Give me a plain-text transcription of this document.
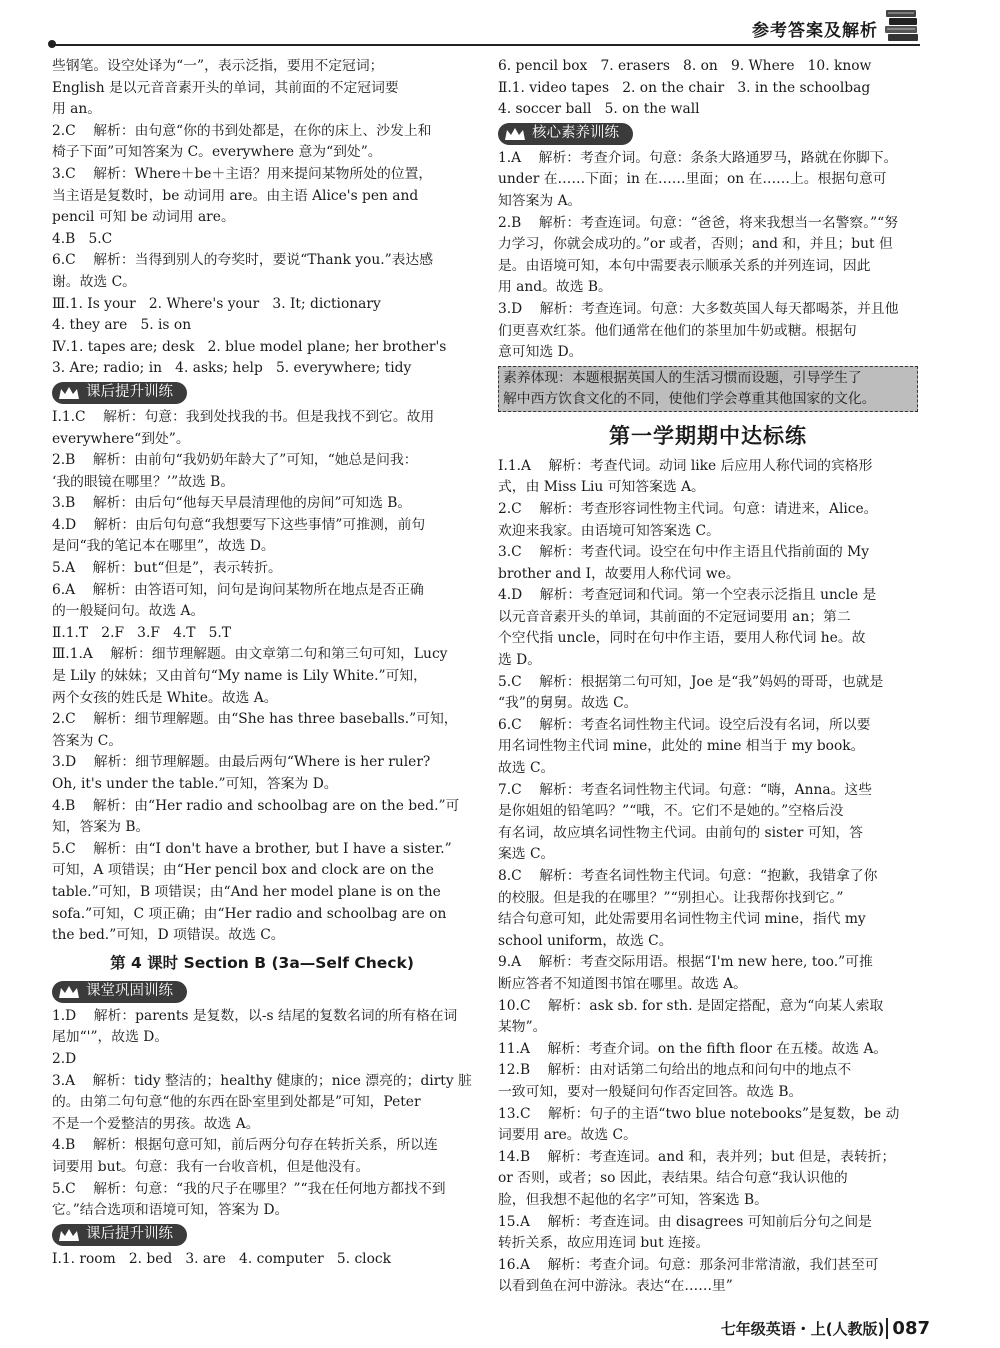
参考答案及解析
些钢笔。设空处译为“一”，表示泛指，要用不定冠词；
English 是以元音音素开头的单词，其前面的不定冠词要
用 an。
2.C    解析：由句意“你的书到处都是，在你的床上、沙发上和
椅子下面”可知答案为 C。everywhere 意为“到处”。
3.C    解析：Where＋be＋主语？用来提问某物所处的位置，
当主语是复数时，be 动词用 are。由主语 Alice's pen and
pencil 可知 be 动词用 are。
4.B   5.C
6.C    解析：当得到别人的夸奖时，要说“Thank you.”表达感
谢。故选 C。
Ⅲ.1. Is your   2. Where's your   3. It; dictionary
4. they are   5. is on
Ⅳ.1. tapes are; desk   2. blue model plane; her brother's
3. Are; radio; in   4. asks; help   5. everywhere; tidy
课后提升训练
Ⅰ.1.C    解析：句意：我到处找我的书。但是我找不到它。故用
everywhere“到处”。
2.B    解析：由前句“我奶奶年龄大了”可知，“她总是问我：
‘我的眼镜在哪里？’”故选 B。
3.B    解析：由后句“他每天早晨清理他的房间”可知选 B。
4.D    解析：由后句句意“我想要写下这些事情”可推测，前句
是问“我的笔记本在哪里”，故选 D。
5.A    解析：but“但是”，表示转折。
6.A    解析：由答语可知，问句是询问某物所在地点是否正确
的一般疑问句。故选 A。
Ⅱ.1.T   2.F   3.F   4.T   5.T
Ⅲ.1.A    解析：细节理解题。由文章第二句和第三句可知，Lucy
是 Lily 的妹妹；又由首句“My name is Lily White.”可知，
两个女孩的姓氏是 White。故选 A。
2.C    解析：细节理解题。由“She has three baseballs.”可知，
答案为 C。
3.D    解析：细节理解题。由最后两句“Where is her ruler?
Oh, it's under the table.”可知，答案为 D。
4.B    解析：由“Her radio and schoolbag are on the bed.”可
知，答案为 B。
5.C    解析：由“I don't have a brother, but I have a sister.”
可知，A 项错误；由“Her pencil box and clock are on the
table.”可知，B 项错误；由“And her model plane is on the
sofa.”可知，C 项正确；由“Her radio and schoolbag are on
the bed.”可知，D 项错误。故选 C。
第 4 课时 Section B (3a—Self Check)
课堂巩固训练
1.D    解析：parents 是复数，以-s 结尾的复数名词的所有格在词
尾加“'”，故选 D。
2.D
3.A    解析：tidy 整洁的；healthy 健康的；nice 漂亮的；dirty 脏
的。由第二句句意“他的东西在卧室里到处都是”可知，Peter
不是一个爱整洁的男孩。故选 A。
4.B    解析：根据句意可知，前后两分句存在转折关系，所以连
词要用 but。句意：我有一台收音机，但是他没有。
5.C    解析：句意：“我的尺子在哪里？”“我在任何地方都找不到
它。”结合选项和语境可知，答案为 D。
课后提升训练
Ⅰ.1. room   2. bed   3. are   4. computer   5. clock
6. pencil box   7. erasers   8. on   9. Where   10. know
Ⅱ.1. video tapes   2. on the chair   3. in the schoolbag
4. soccer ball   5. on the wall
核心素养训练
1.A    解析：考查介词。句意：条条大路通罗马，路就在你脚下。
under 在……下面；in 在……里面；on 在……上。根据句意可
知答案为 A。
2.B    解析：考查连词。句意：“爸爸，将来我想当一名警察。”“努
力学习，你就会成功的。”or 或者，否则；and 和，并且；but 但
是。由语境可知，本句中需要表示顺承关系的并列连词，因此
用 and。故选 B。
3.D    解析：考查连词。句意：大多数英国人每天都喝茶，并且他
们更喜欢红茶。他们通常在他们的茶里加牛奶或糖。根据句
意可知选 D。
素养体现：本题根据英国人的生活习惯而设题，引导学生了
解中西方饮食文化的不同，使他们学会尊重其他国家的文化。
第一学期期中达标练
Ⅰ.1.A    解析：考查代词。动词 like 后应用人称代词的宾格形
式，由 Miss Liu 可知答案选 A。
2.C    解析：考查形容词性物主代词。句意：请进来，Alice。
欢迎来我家。由语境可知答案选 C。
3.C    解析：考查代词。设空在句中作主语且代指前面的 My
brother and I，故要用人称代词 we。
4.D    解析：考查冠词和代词。第一个空表示泛指且 uncle 是
以元音音素开头的单词，其前面的不定冠词要用 an；第二
个空代指 uncle，同时在句中作主语，要用人称代词 he。故
选 D。
5.C    解析：根据第二句可知，Joe 是“我”妈妈的哥哥，也就是
“我”的舅舅。故选 C。
6.C    解析：考查名词性物主代词。设空后没有名词，所以要
用名词性物主代词 mine，此处的 mine 相当于 my book。
故选 C。
7.C    解析：考查名词性物主代词。句意：“嗨，Anna。这些
是你姐姐的铅笔吗？”“哦，不。它们不是她的。”空格后没
有名词，故应填名词性物主代词。由前句的 sister 可知，答
案选 C。
8.C    解析：考查名词性物主代词。句意：“抱歉，我错拿了你
的校服。但是我的在哪里？”“别担心。让我帮你找到它。”
结合句意可知，此处需要用名词性物主代词 mine，指代 my
school uniform，故选 C。
9.A    解析：考查交际用语。根据“I'm new here, too.”可推
断应答者不知道图书馆在哪里。故选 A。
10.C    解析：ask sb. for sth. 是固定搭配，意为“向某人索取
某物”。
11.A    解析：考查介词。on the fifth floor 在五楼。故选 A。
12.B    解析：由对话第二句给出的地点和问句中的地点不
一致可知，要对一般疑问句作否定回答。故选 B。
13.C    解析：句子的主语“two blue notebooks”是复数，be 动
词要用 are。故选 C。
14.B    解析：考查连词。and 和，表并列；but 但是，表转折；
or 否则，或者；so 因此，表结果。结合句意“我认识他的
脸，但我想不起他的名字”可知，答案选 B。
15.A    解析：考查连词。由 disagrees 可知前后分句之间是
转折关系，故应用连词 but 连接。
16.A    解析：考查介词。句意：那条河非常清澈，我们甚至可
以看到鱼在河中游泳。表达“在……里”
七年级英语・上(人教版) 087
